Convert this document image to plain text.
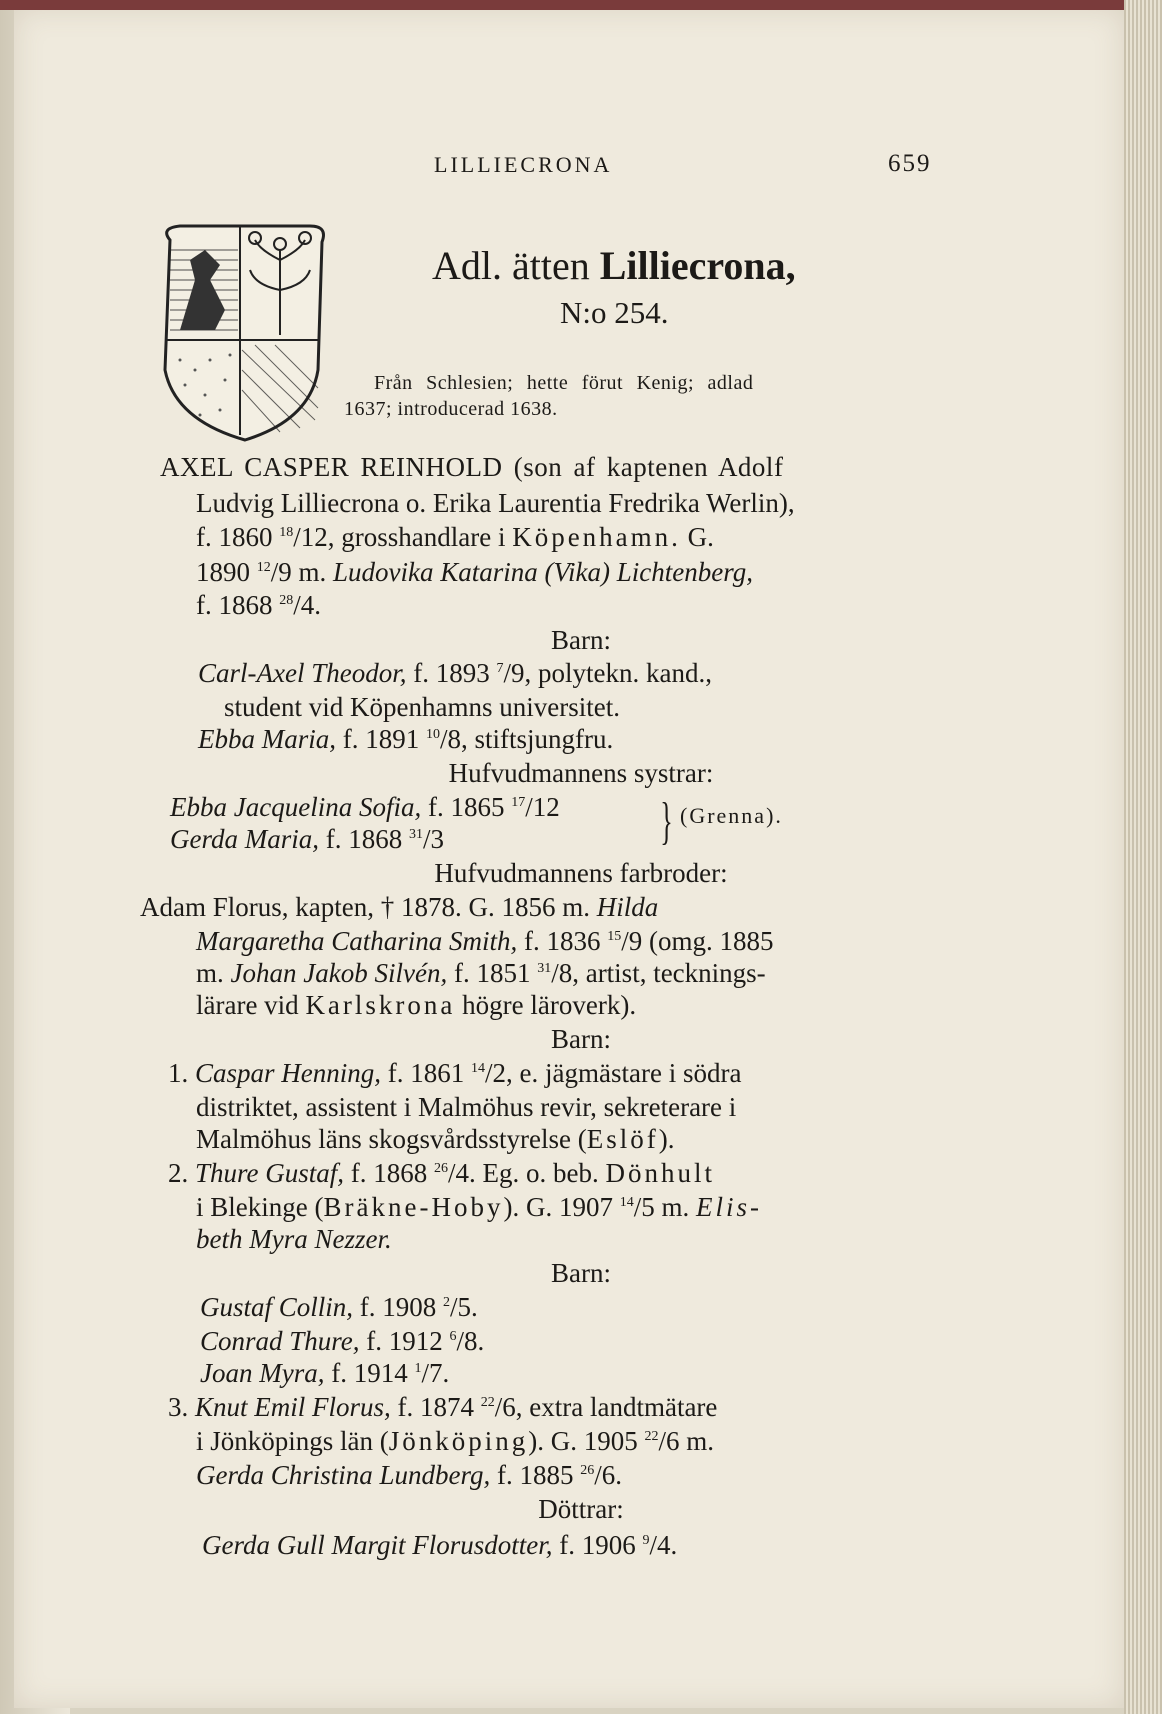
LILLIECRONA	659
Adl. ätten Lilliecrona,
N:o 254.
Från Schlesien; hette förut Kenig; adlad
1637; introducerad 1638.
AXEL CASPER REINHOLD (son af kaptenen Adolf
Ludvig Lilliecrona o. Erika Laurentia Fredrika Werlin),
f. 1860 $^{18}$/12, grosshandlare i Köpenhamn. G.
1890 $^{12}$/9 m. Ludovika Katarina (Vika) Lichtenberg,
f. 1868 $^{28}$/4.
Barn:
Carl-Axel Theodor, f. 1893 $^7$/9, polytekn. kand.,
student vid Köpenhamns universitet.
Ebba Maria, f. 1891 $^{10}$/8, stiftsjungfru.
Hufvudmannens systrar:
Ebba Jacquelina Sofia, f. 1865 $^{17}$/12
Gerda Maria, f. 1868 $^{31}$/3	} (Grenna).
Hufvudmannens farbroder:
Adam Florus, kapten, † 1878. G. 1856 m. Hilda
Margaretha Catharina Smith, f. 1836 $^{15}$/9 (omg. 1885
m. Johan Jakob Silvén, f. 1851 $^{31}$/8, artist, tecknings-
lärare vid Karlskrona högre läroverk).
Barn:
1. Caspar Henning, f. 1861 $^{14}$/2, e. jägmästare i södra
distriktet, assistent i Malmöhus revir, sekreterare i
Malmöhus läns skogsvårdsstyrelse (Eslöf).
2. Thure Gustaf, f. 1868 $^{26}$/4. Eg. o. beb. Dönhult
i Blekinge (Bräkne-Hoby). G. 1907 $^{14}$/5 m. Elis-
beth Myra Nezzer.
Barn:
Gustaf Collin, f. 1908 $^2$/5.
Conrad Thure, f. 1912 $^6$/8.
Joan Myra, f. 1914 $^1$/7.
3. Knut Emil Florus, f. 1874 $^{22}$/6, extra landtmätare
i Jönköpings län (Jönköping). G. 1905 $^{22}$/6 m.
Gerda Christina Lundberg, f. 1885 $^{26}$/6.
Döttrar:
Gerda Gull Margit Florusdotter, f. 1906 $^9$/4.
